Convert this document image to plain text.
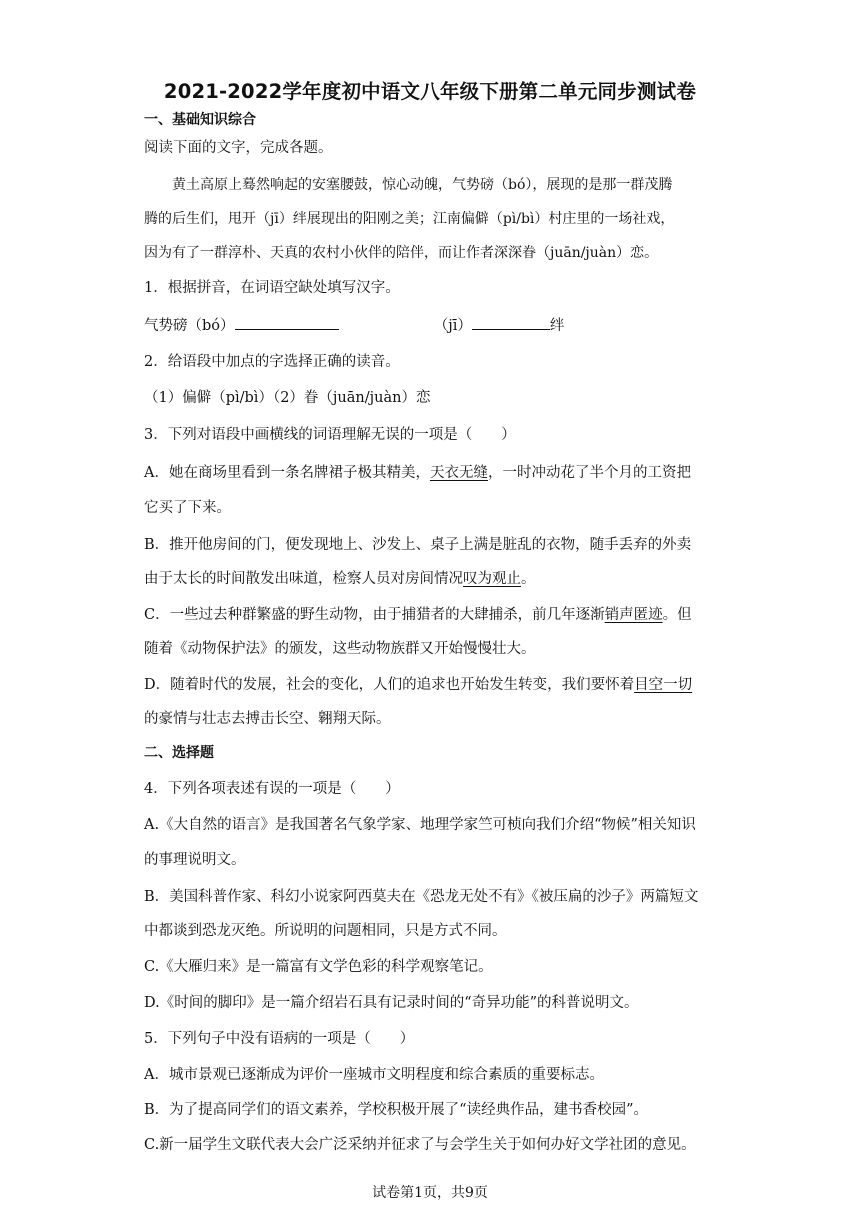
2021-2022学年度初中语文八年级下册第二单元同步测试卷
一、基础知识综合
阅读下面的文字，完成各题。
黄土高原上蓦然响起的安塞腰鼓，惊心动魄，气势磅（bó），展现的是那一群茂腾
腾的后生们，甩开（jī）绊展现出的阳刚之美；江南偏僻（pì/bì）村庄里的一场社戏，
因为有了一群淳朴、天真的农村小伙伴的陪伴，而让作者深深眷（juān/juàn）恋。
1．根据拼音，在词语空缺处填写汉字。
气势磅（bó）	（jī）	绊
2．给语段中加点的字选择正确的读音。
（1）偏僻（pì/bì）（2）眷（juān/juàn）恋
3．下列对语段中画横线的词语理解无误的一项是（　　）
A．她在商场里看到一条名牌裙子极其精美，天衣无缝，一时冲动花了半个月的工资把
它买了下来。
B．推开他房间的门，便发现地上、沙发上、桌子上满是脏乱的衣物，随手丢弃的外卖
由于太长的时间散发出味道，检察人员对房间情况叹为观止。
C．一些过去种群繁盛的野生动物，由于捕猎者的大肆捕杀，前几年逐渐销声匿迹。但
随着《动物保护法》的颁发，这些动物族群又开始慢慢壮大。
D．随着时代的发展，社会的变化，人们的追求也开始发生转变，我们要怀着目空一切
的豪情与壮志去搏击长空、翱翔天际。
二、选择题
4．下列各项表述有误的一项是（　　）
A.《大自然的语言》是我国著名气象学家、地理学家竺可桢向我们介绍“物候”相关知识
的事理说明文。
B．美国科普作家、科幻小说家阿西莫夫在《恐龙无处不有》《被压扁的沙子》两篇短文
中都谈到恐龙灭绝。所说明的问题相同，只是方式不同。
C.《大雁归来》是一篇富有文学色彩的科学观察笔记。
D.《时间的脚印》是一篇介绍岩石具有记录时间的“奇异功能”的科普说明文。
5．下列句子中没有语病的一项是（　　）
A．城市景观已逐渐成为评价一座城市文明程度和综合素质的重要标志。
B．为了提高同学们的语文素养，学校积极开展了“读经典作品，建书香校园”。
C.新一届学生文联代表大会广泛采纳并征求了与会学生关于如何办好文学社团的意见。
试卷第1页，共9页
